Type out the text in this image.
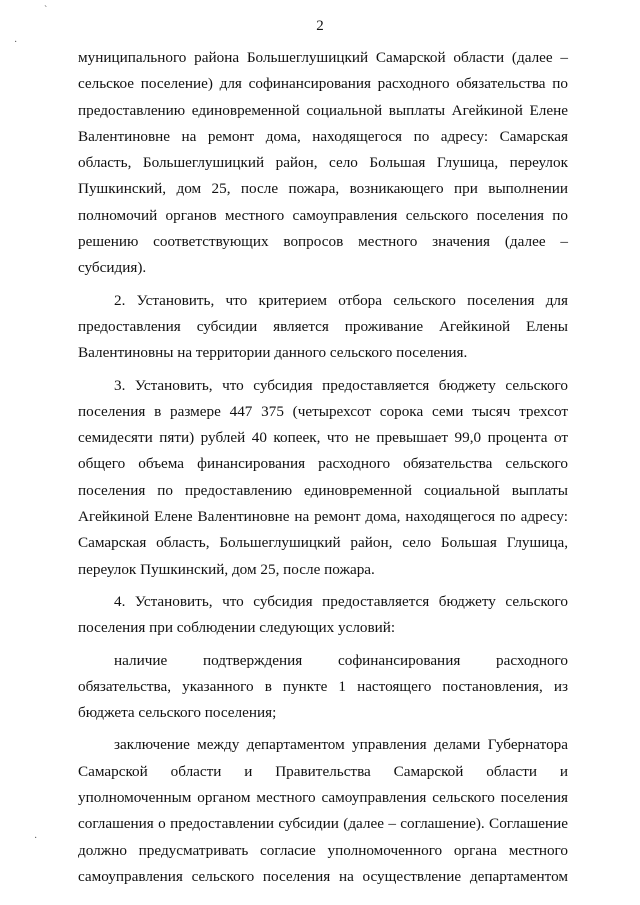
ˋ
·
·
2
муниципального района Большеглушицкий Самарской области (далее –
сельское поселение) для софинансирования расходного обязательства по
предоставлению единовременной социальной выплаты Агейкиной Елене
Валентиновне на ремонт дома, находящегося по адресу: Самарская
область, Большеглушицкий район, село Большая Глушица, переулок
Пушкинский, дом 25, после пожара, возникающего при выполнении
полномочий органов местного самоуправления сельского поселения по
решению соответствующих вопросов местного значения (далее –
субсидия).
2. Установить, что критерием отбора сельского поселения для
предоставления субсидии является проживание Агейкиной Елены
Валентиновны на территории данного сельского поселения.
3. Установить, что субсидия предоставляется бюджету сельского
поселения в размере 447 375 (четырехсот сорока семи тысяч трехсот
семидесяти пяти) рублей 40 копеек, что не превышает 99,0 процента от
общего объема финансирования расходного обязательства сельского
поселения по предоставлению единовременной социальной выплаты
Агейкиной Елене Валентиновне на ремонт дома, находящегося по адресу:
Самарская область, Большеглушицкий район, село Большая Глушица,
переулок Пушкинский, дом 25, после пожара.
4. Установить, что субсидия предоставляется бюджету сельского
поселения при соблюдении следующих условий:
наличие подтверждения софинансирования расходного
обязательства, указанного в пункте 1 настоящего постановления, из
бюджета сельского поселения;
заключение между департаментом управления делами Губернатора
Самарской области и Правительства Самарской области и
уполномоченным органом местного самоуправления сельского поселения
соглашения о предоставлении субсидии (далее – соглашение). Соглашение
должно предусматривать согласие уполномоченного органа местного
самоуправления сельского поселения на осуществление департаментом
